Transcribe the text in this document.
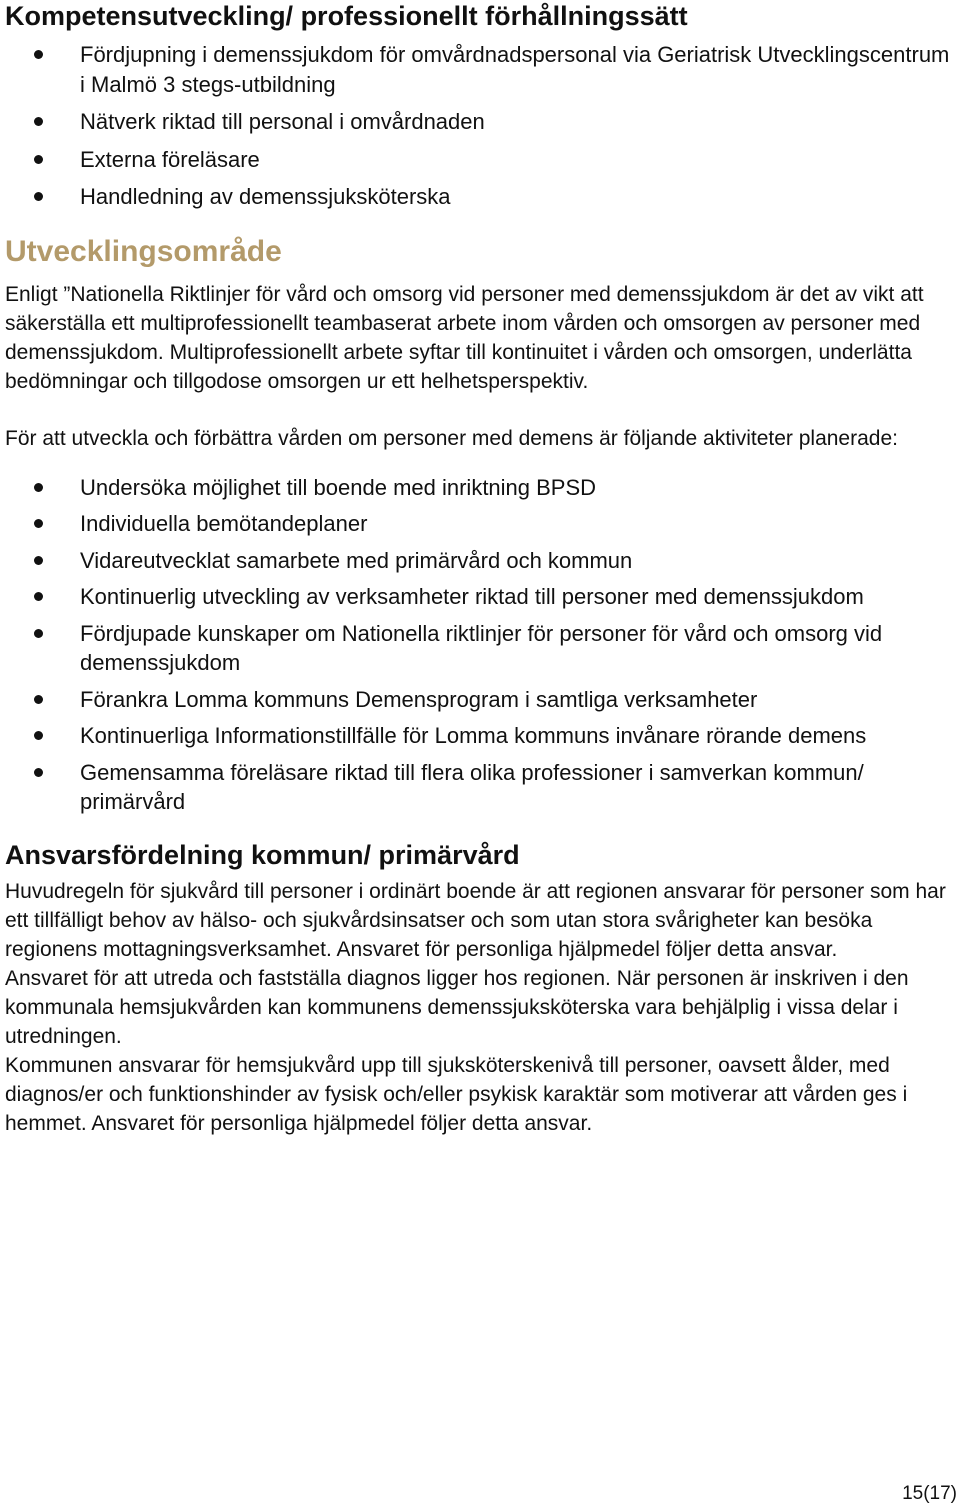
Kompetensutveckling/ professionellt förhållningssätt
Fördjupning i demenssjukdom för omvårdnadspersonal via Geriatrisk Utvecklingscentrum i Malmö 3 stegs-utbildning
Nätverk riktad till personal i omvårdnaden
Externa föreläsare
Handledning av demenssjuksköterska
Utvecklingsområde

Enligt ”Nationella Riktlinjer för vård och omsorg vid personer med demenssjukdom är det av vikt att säkerställa ett multiprofessionellt teambaserat arbete inom vården och omsorgen av personer med demenssjukdom. Multiprofessionellt arbete syftar till kontinuitet i vården och omsorgen, underlätta bedömningar och tillgodose omsorgen ur ett helhetsperspektiv.

För att utveckla och förbättra vården om personer med demens är följande aktiviteter planerade:

Undersöka möjlighet till boende med inriktning BPSD
Individuella bemötandeplaner
Vidareutvecklat samarbete med primärvård och kommun
Kontinuerlig utveckling av verksamheter riktad till personer med demenssjukdom
Fördjupade kunskaper om Nationella riktlinjer för personer för vård och omsorg vid demenssjukdom
Förankra Lomma kommuns Demensprogram i samtliga verksamheter
Kontinuerliga Informationstillfälle för Lomma kommuns invånare rörande demens
Gemensamma föreläsare riktad till flera olika professioner i samverkan kommun/ primärvård
Ansvarsfördelning kommun/ primärvård

Huvudregeln för sjukvård till personer i ordinärt boende är att regionen ansvarar för personer som har ett tillfälligt behov av hälso- och sjukvårdsinsatser och som utan stora svårigheter kan besöka regionens mottagningsverksamhet. Ansvaret för personliga hjälpmedel följer detta ansvar.

Ansvaret för att utreda och fastställa diagnos ligger hos regionen. När personen är inskriven i den kommunala hemsjukvården kan kommunens demenssjuksköterska vara behjälplig i vissa delar i utredningen.

Kommunen ansvarar för hemsjukvård upp till sjuksköterskenivå till personer, oavsett ålder, med diagnos/er och funktionshinder av fysisk och/eller psykisk karaktär som motiverar att vården ges i hemmet. Ansvaret för personliga hjälpmedel följer detta ansvar.

15(17)
